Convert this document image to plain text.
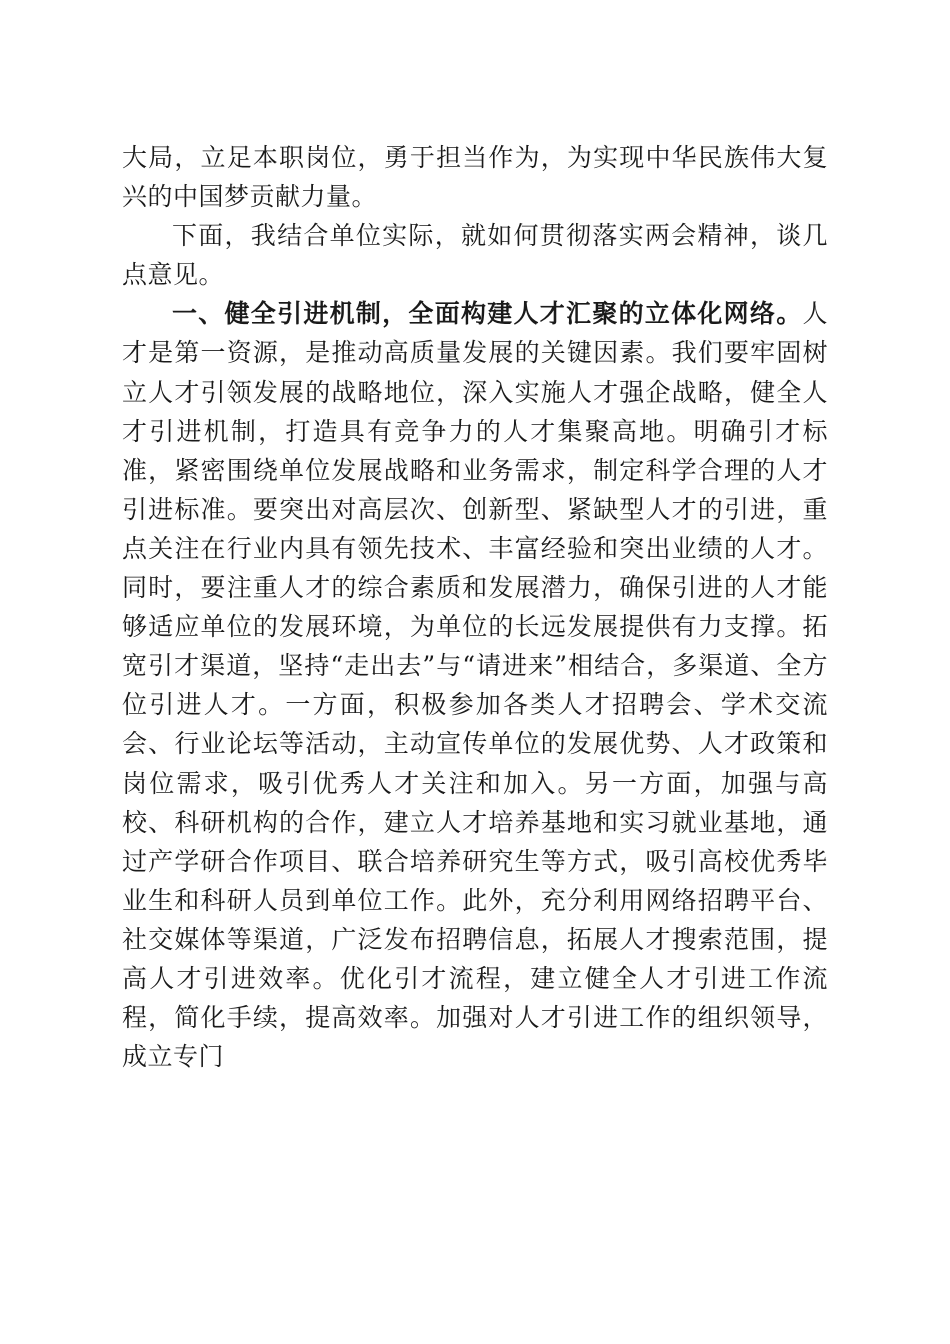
大局，立足本职岗位，勇于担当作为，为实现中华民族伟大复兴的中国梦贡献力量。

下面，我结合单位实际，就如何贯彻落实两会精神，谈几点意见。

一、健全引进机制，全面构建人才汇聚的立体化网络。人才是第一资源，是推动高质量发展的关键因素。我们要牢固树立人才引领发展的战略地位，深入实施人才强企战略，健全人才引进机制，打造具有竞争力的人才集聚高地。明确引才标准，紧密围绕单位发展战略和业务需求，制定科学合理的人才引进标准。要突出对高层次、创新型、紧缺型人才的引进，重点关注在行业内具有领先技术、丰富经验和突出业绩的人才。同时，要注重人才的综合素质和发展潜力，确保引进的人才能够适应单位的发展环境，为单位的长远发展提供有力支撑。拓宽引才渠道，坚持“走出去”与“请进来”相结合，多渠道、全方位引进人才。一方面，积极参加各类人才招聘会、学术交流会、行业论坛等活动，主动宣传单位的发展优势、人才政策和岗位需求，吸引优秀人才关注和加入。另一方面，加强与高校、科研机构的合作，建立人才培养基地和实习就业基地，通过产学研合作项目、联合培养研究生等方式，吸引高校优秀毕业生和科研人员到单位工作。此外，充分利用网络招聘平台、社交媒体等渠道，广泛发布招聘信息，拓展人才搜索范围，提高人才引进效率。优化引才流程，建立健全人才引进工作流程，简化手续，提高效率。加强对人才引进工作的组织领导，成立专门
